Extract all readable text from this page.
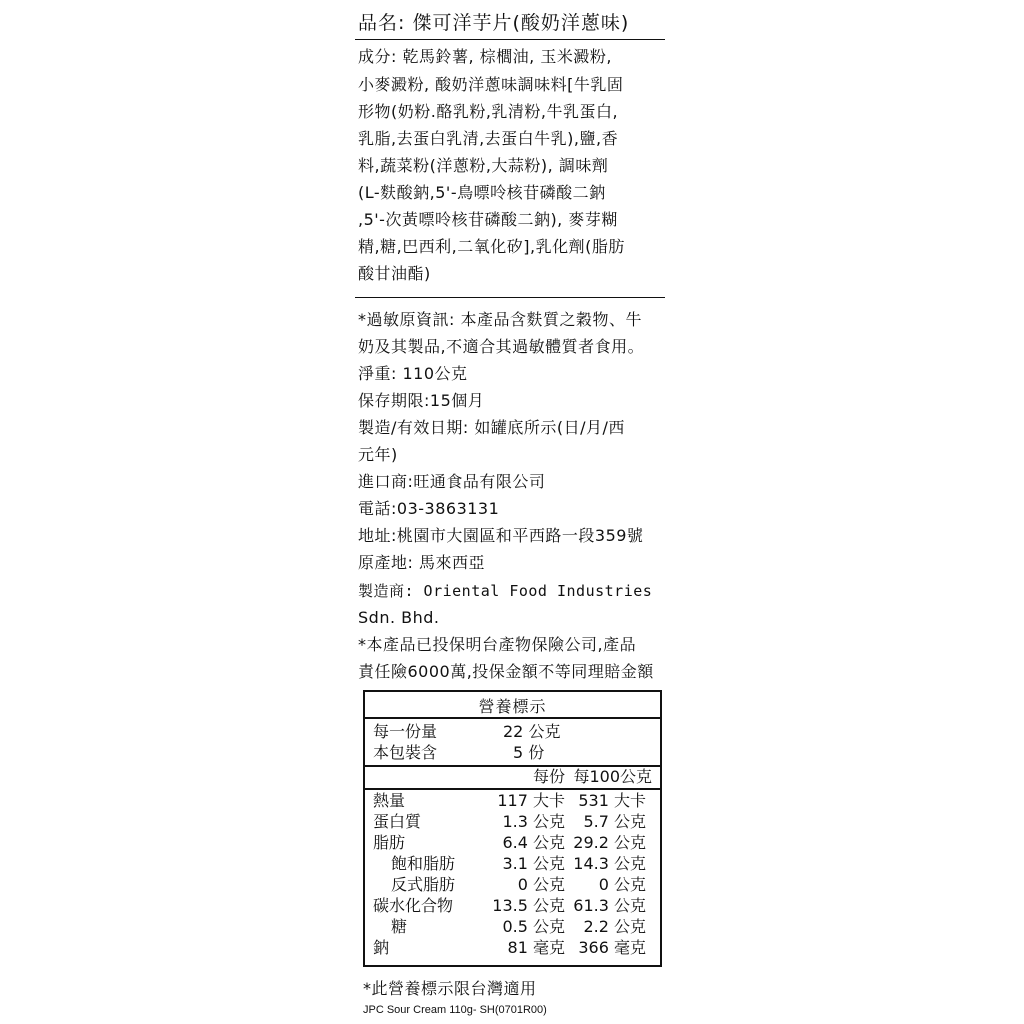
品名: 傑可洋芋片(酸奶洋蔥味)
成分: 乾馬鈴薯, 棕櫚油, 玉米澱粉,
小麥澱粉, 酸奶洋蔥味調味料[牛乳固
形物(奶粉.酪乳粉,乳清粉,牛乳蛋白,
乳脂,去蛋白乳清,去蛋白牛乳),鹽,香
料,蔬菜粉(洋蔥粉,大蒜粉), 調味劑
(L-麩酸鈉,5'-鳥嘌呤核苷磷酸二鈉
,5'-次黃嘌呤核苷磷酸二鈉), 麥芽糊
精,糖,巴西利,二氧化矽],乳化劑(脂肪
酸甘油酯)
*過敏原資訊: 本產品含麩質之穀物、牛
奶及其製品,不適合其過敏體質者食用。
淨重: 110公克
保存期限:15個月
製造/有效日期: 如罐底所示(日/月/西
元年)
進口商:旺通食品有限公司
電話:03-3863131
地址:桃園市大園區和平西路一段359號
原產地: 馬來西亞
製造商: Oriental Food Industries
Sdn. Bhd.
*本產品已投保明台產物保險公司,產品
責任險6000萬,投保金額不等同理賠金額
營養標示
每一份量	22 公克
本包裝含	5 份
每份 每100公克
熱量	117 大卡 531 大卡
蛋白質	1.3 公克 5.7 公克
脂肪	6.4 公克 29.2 公克
飽和脂肪	3.1 公克 14.3 公克
反式脂肪	0 公克 0 公克
碳水化合物 13.5 公克 61.3 公克
糖	0.5 公克 2.2 公克
鈉	81 毫克 366 毫克
*此營養標示限台灣適用
JPC Sour Cream 110g- SH(0701R00)
